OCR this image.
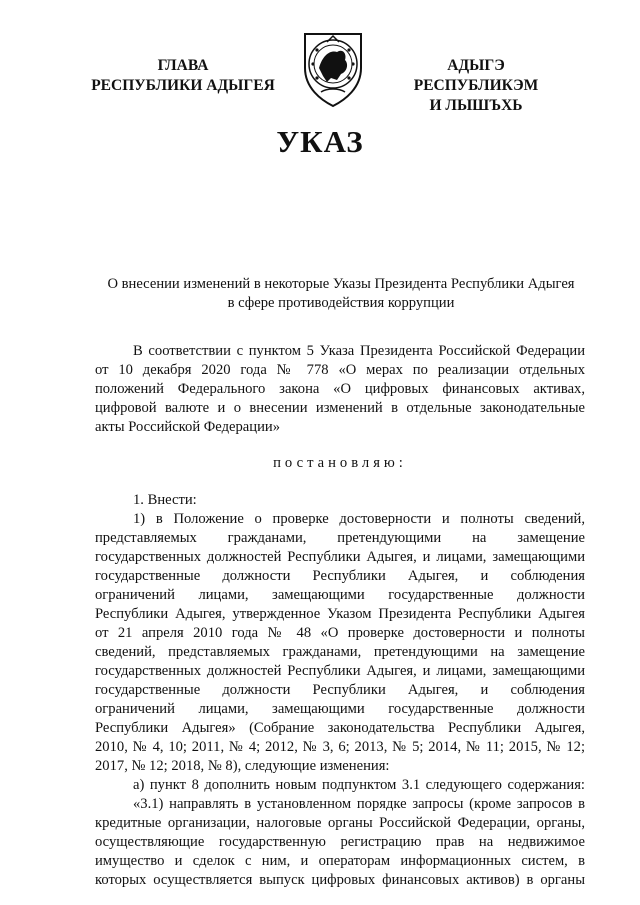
ГЛАВА
РЕСПУБЛИКИ АДЫГЕЯ
АДЫГЭ РЕСПУБЛИКЭМ
И ЛЫШЪХЬ
УКАЗ
О внесении изменений в некоторые Указы Президента Республики Адыгея
в сфере противодействия коррупции
В соответствии с пунктом 5 Указа Президента Российской Федерации
от 10 декабря 2020 года № 778 «О мерах по реализации отдельных
положений Федерального закона «О цифровых финансовых активах,
цифровой валюте и о внесении изменений в отдельные законодательные
акты Российской Федерации»
постановляю:
1. Внести:
1) в Положение о проверке достоверности и полноты сведений,
представляемых гражданами, претендующими на замещение
государственных должностей Республики Адыгея, и лицами, замещающими
государственные должности Республики Адыгея, и соблюдения
ограничений лицами, замещающими государственные должности
Республики Адыгея, утвержденное Указом Президента Республики Адыгея
от 21 апреля 2010 года № 48 «О проверке достоверности и полноты
сведений, представляемых гражданами, претендующими на замещение
государственных должностей Республики Адыгея, и лицами, замещающими
государственные должности Республики Адыгея, и соблюдения
ограничений лицами, замещающими государственные должности
Республики Адыгея» (Собрание законодательства Республики Адыгея,
2010, № 4, 10; 2011, № 4; 2012, № 3, 6; 2013, № 5; 2014, № 11; 2015, № 12;
2017, № 12; 2018, № 8), следующие изменения:
а) пункт 8 дополнить новым подпунктом 3.1 следующего содержания:
«3.1) направлять в установленном порядке запросы (кроме запросов в
кредитные организации, налоговые органы Российской Федерации, органы,
осуществляющие государственную регистрацию прав на недвижимое
имущество и сделок с ним, и операторам информационных систем, в
которых осуществляется выпуск цифровых финансовых активов) в органы
